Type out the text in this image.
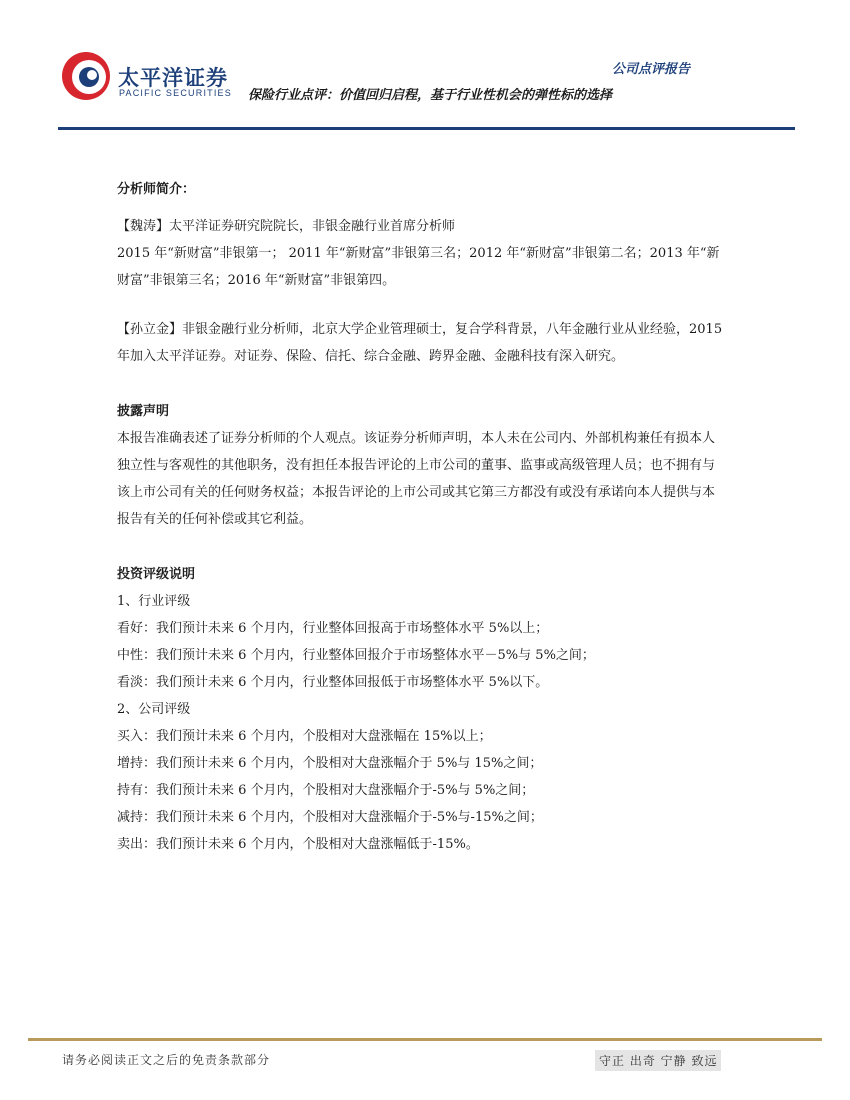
太平洋证券
PACIFIC SECURITIES
公司点评报告
保险行业点评：价值回归启程，基于行业性机会的弹性标的选择
分析师简介：

【魏涛】太平洋证券研究院院长，非银金融行业首席分析师

2015 年“新财富”非银第一； 2011 年“新财富”非银第三名；2012 年“新财富”非银第二名；2013 年“新

财富”非银第三名；2016 年“新财富”非银第四。

【孙立金】非银金融行业分析师，北京大学企业管理硕士，复合学科背景，八年金融行业从业经验，2015

年加入太平洋证券。对证券、保险、信托、综合金融、跨界金融、金融科技有深入研究。

披露声明

本报告准确表述了证券分析师的个人观点。该证券分析师声明，本人未在公司内、外部机构兼任有损本人

独立性与客观性的其他职务，没有担任本报告评论的上市公司的董事、监事或高级管理人员；也不拥有与

该上市公司有关的任何财务权益；本报告评论的上市公司或其它第三方都没有或没有承诺向本人提供与本

报告有关的任何补偿或其它利益。

投资评级说明

1、行业评级

看好：我们预计未来 6 个月内，行业整体回报高于市场整体水平 5%以上；

中性：我们预计未来 6 个月内，行业整体回报介于市场整体水平－5%与 5%之间；

看淡：我们预计未来 6 个月内，行业整体回报低于市场整体水平 5%以下。

2、公司评级

买入：我们预计未来 6 个月内，个股相对大盘涨幅在 15%以上；

增持：我们预计未来 6 个月内，个股相对大盘涨幅介于 5%与 15%之间；

持有：我们预计未来 6 个月内，个股相对大盘涨幅介于-5%与 5%之间；

减持：我们预计未来 6 个月内，个股相对大盘涨幅介于-5%与-15%之间；

卖出：我们预计未来 6 个月内，个股相对大盘涨幅低于-15%。

请务必阅读正文之后的免责条款部分	守正 出奇 宁静 致远
